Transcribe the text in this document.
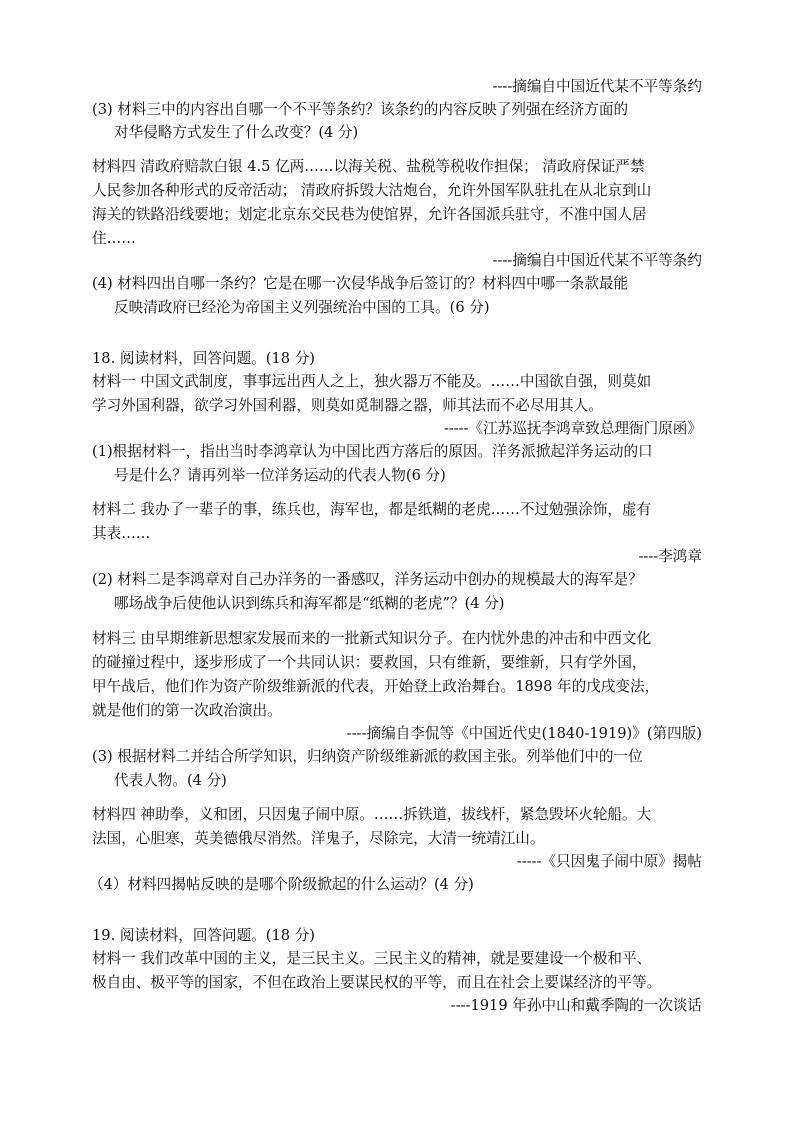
----摘编自中国近代某不平等条约
(3) 材料三中的内容出自哪一个不平等条约？该条约的内容反映了列强在经济方面的
对华侵略方式发生了什么改变？(4 分)
材料四 清政府赔款白银 4.5 亿两……以海关税、盐税等税收作担保； 清政府保证严禁
人民参加各种形式的反帝活动； 清政府拆毁大沽炮台，允许外国军队驻扎在从北京到山
海关的铁路沿线要地；划定北京东交民巷为使馆界，允许各国派兵驻守，不准中国人居
住……
----摘编自中国近代某不平等条约
(4) 材料四出自哪一条约？它是在哪一次侵华战争后签订的？材料四中哪一条款最能
反映清政府已经沦为帝国主义列强统治中国的工具。(6 分)
18. 阅读材料，回答问题。(18 分)
材料一 中国文武制度，事事远出西人之上，独火器万不能及。……中国欲自强，则莫如
学习外国利器，欲学习外国利器，则莫如觅制器之器，师其法而不必尽用其人。
-----《江苏巡抚李鸿章致总理衙门原函》
(1)根据材料一，指出当时李鸿章认为中国比西方落后的原因。洋务派掀起洋务运动的口
号是什么？请再列举一位洋务运动的代表人物(6 分)
材料二 我办了一辈子的事，练兵也，海军也，都是纸糊的老虎……不过勉强涂饰，虚有
其表……
----李鸿章
(2) 材料二是李鸿章对自己办洋务的一番感叹，洋务运动中创办的规模最大的海军是？
哪场战争后使他认识到练兵和海军都是“纸糊的老虎”？(4 分)
材料三 由早期维新思想家发展而来的一批新式知识分子。在内忧外患的冲击和中西文化
的碰撞过程中，逐步形成了一个共同认识：要救国，只有维新，要维新，只有学外国，
甲午战后，他们作为资产阶级维新派的代表，开始登上政治舞台。1898 年的戊戌变法，
就是他们的第一次政治演出。
----摘编自李侃等《中国近代史(1840-1919)》(第四版)
(3) 根据材料二并结合所学知识，归纳资产阶级维新派的救国主张。列举他们中的一位
代表人物。(4 分)
材料四 神助拳，义和团，只因鬼子闹中原。……拆铁道，拔线杆，紧急毁坏火轮船。大
法国，心胆寒，英美德俄尽消然。洋鬼子，尽除完，大清一统靖江山。
-----《只因鬼子闹中原》揭帖
（4）材料四揭帖反映的是哪个阶级掀起的什么运动？(4 分)
19. 阅读材料，回答问题。(18 分)
材料一 我们改革中国的主义，是三民主义。三民主义的精神，就是要建设一个极和平、
极自由、极平等的国家，不但在政治上要谋民权的平等，而且在社会上要谋经济的平等。
----1919 年孙中山和戴季陶的一次谈话
